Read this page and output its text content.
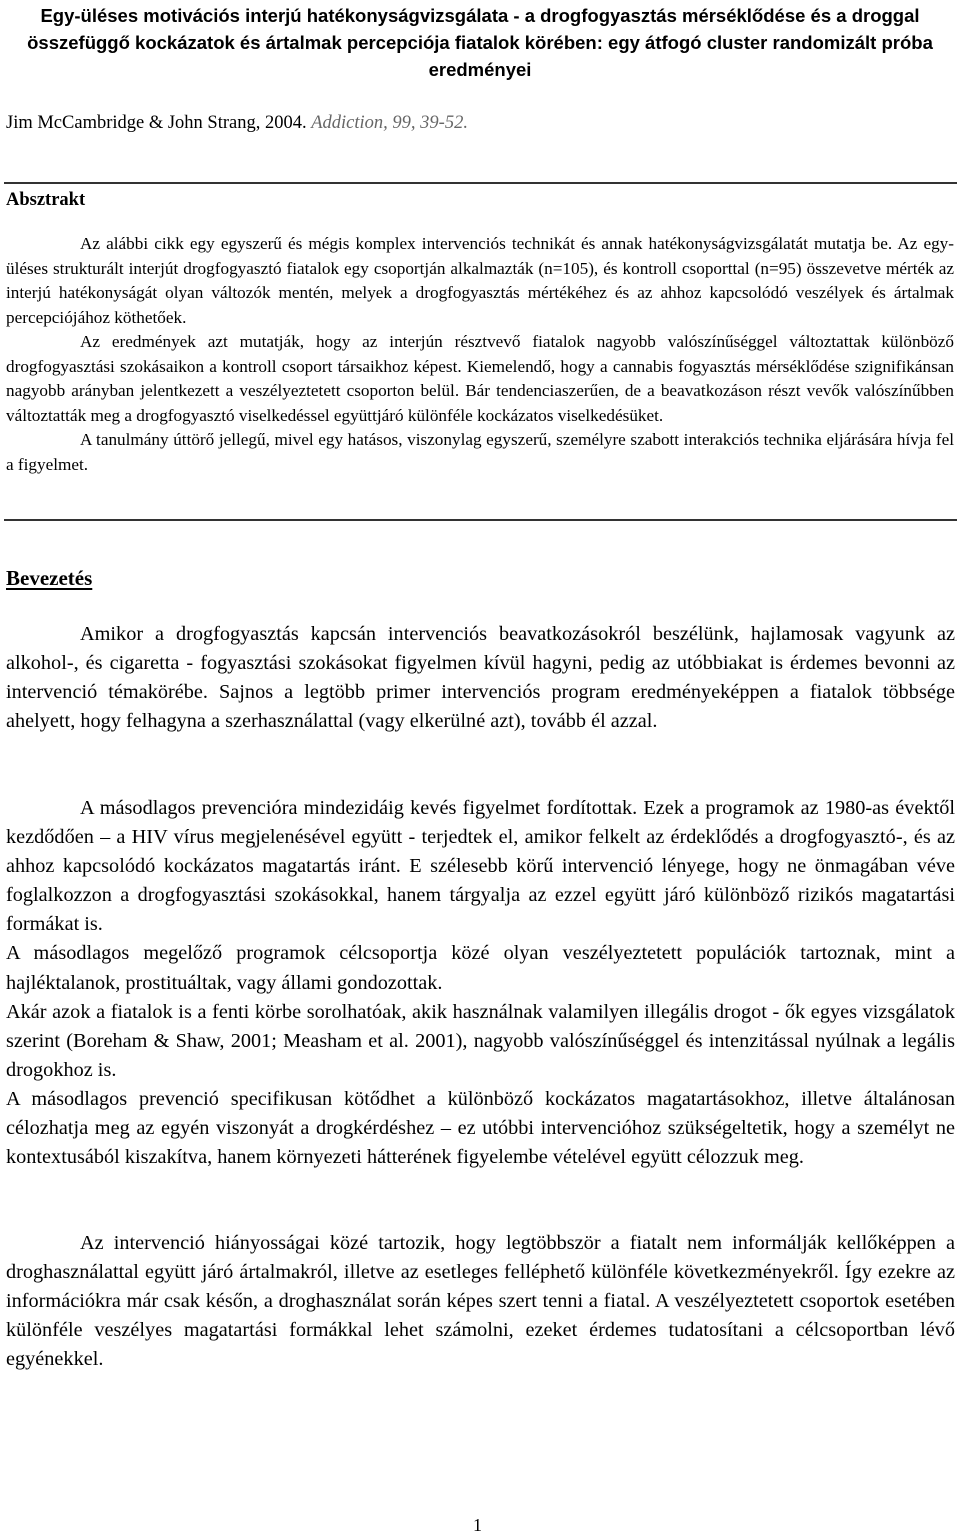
Egy-üléses motivációs interjú hatékonyságvizsgálata - a drogfogyasztás mérséklődése és a droggal összefüggő kockázatok és ártalmak percepciója fiatalok körében: egy átfogó cluster randomizált próba eredményei

Jim McCambridge & John Strang, 2004. Addiction, 99, 39-52.

Absztrakt

Az alábbi cikk egy egyszerű és mégis komplex intervenciós technikát és annak hatékonyságvizsgálatát mutatja be. Az egy-üléses strukturált interjút drogfogyasztó fiatalok egy csoportján alkalmazták (n=105), és kontroll csoporttal (n=95) összevetve mérték az interjú hatékonyságát olyan változók mentén, melyek a drogfogyasztás mértékéhez és az ahhoz kapcsolódó veszélyek és ártalmak percepciójához köthetőek.

Az eredmények azt mutatják, hogy az interjún résztvevő fiatalok nagyobb valószínűséggel változtattak különböző drogfogyasztási szokásaikon a kontroll csoport társaikhoz képest. Kiemelendő, hogy a cannabis fogyasztás mérséklődése szignifikánsan nagyobb arányban jelentkezett a veszélyeztetett csoporton belül. Bár tendenciaszerűen, de a beavatkozáson részt vevők valószínűbben változtatták meg a drogfogyasztó viselkedéssel együttjáró különféle kockázatos viselkedésüket.

A tanulmány úttörő jellegű, mivel egy hatásos, viszonylag egyszerű, személyre szabott interakciós technika eljárására hívja fel a figyelmet.

Bevezetés

Amikor a drogfogyasztás kapcsán intervenciós beavatkozásokról beszélünk, hajlamosak vagyunk az alkohol-, és cigaretta - fogyasztási szokásokat figyelmen kívül hagyni, pedig az utóbbiakat is érdemes bevonni az intervenció témakörébe. Sajnos a legtöbb primer intervenciós program eredményeképpen a fiatalok többsége ahelyett, hogy felhagyna a szerhasználattal (vagy elkerülné azt), tovább él azzal.

A másodlagos prevencióra mindezidáig kevés figyelmet fordítottak. Ezek a programok az 1980-as évektől kezdődően – a HIV vírus megjelenésével együtt - terjedtek el, amikor felkelt az érdeklődés a drogfogyasztó-, és az ahhoz kapcsolódó kockázatos magatartás iránt. E szélesebb körű intervenció lényege, hogy ne önmagában véve foglalkozzon a drogfogyasztási szokásokkal, hanem tárgyalja az ezzel együtt járó különböző rizikós magatartási formákat is.

A másodlagos megelőző programok célcsoportja közé olyan veszélyeztetett populációk tartoznak, mint a hajléktalanok, prostituáltak, vagy állami gondozottak.

Akár azok a fiatalok is a fenti körbe sorolhatóak, akik használnak valamilyen illegális drogot - ők egyes vizsgálatok szerint (Boreham & Shaw, 2001; Measham et al. 2001), nagyobb valószínűséggel és intenzitással nyúlnak a legális drogokhoz is.

A másodlagos prevenció specifikusan kötődhet a különböző kockázatos magatartásokhoz, illetve általánosan célozhatja meg az egyén viszonyát a drogkérdéshez – ez utóbbi intervencióhoz szükségeltetik, hogy a személyt ne kontextusából kiszakítva, hanem környezeti hátterének figyelembe vételével együtt célozzuk meg.

Az intervenció hiányosságai közé tartozik, hogy legtöbbször a fiatalt nem informálják kellőképpen a droghasználattal együtt járó ártalmakról, illetve az esetleges felléphető különféle következményekről. Így ezekre az információkra már csak későn, a droghasználat során képes szert tenni a fiatal. A veszélyeztetett csoportok esetében különféle veszélyes magatartási formákkal lehet számolni, ezeket érdemes tudatosítani a célcsoportban lévő egyénekkel.

1
